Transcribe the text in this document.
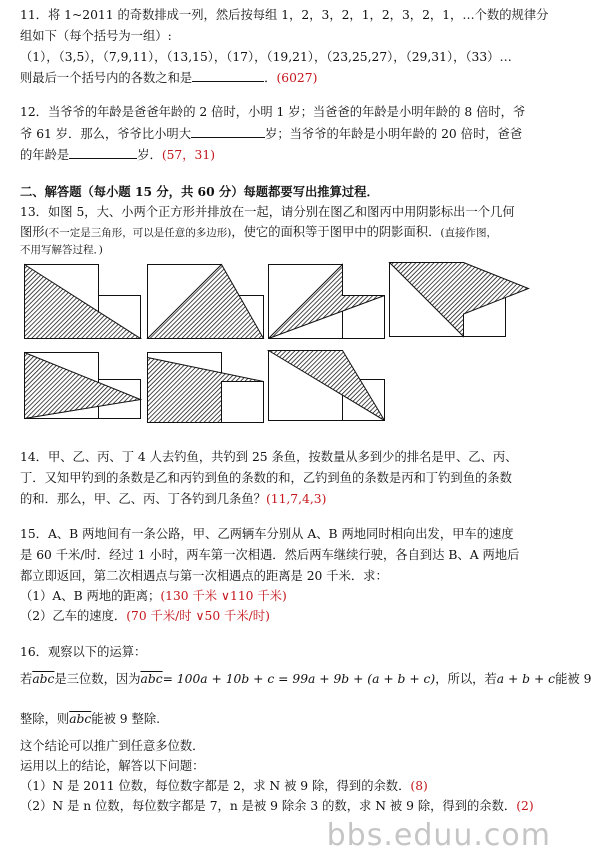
11．将 1~2011 的奇数排成一列，然后按每组 1，2，3，2，1，2，3，2，1，…个数的规律分
组如下（每个括号为一组）:
（1），（3,5），（7,9,11），（13,15），（17），（19,21），（23,25,27），（29,31），（33）…
则最后一个括号内的各数之和是	．(6027)
12．当爷爷的年龄是爸爸年龄的 2 倍时，小明 1 岁；当爸爸的年龄是小明年龄的 8 倍时，爷
爷 61 岁．那么，爷爷比小明大	岁；当爷爷的年龄是小明年龄的 20 倍时，爸爸
的年龄是	岁．(57，31)
二、解答题（每小题 15 分，共 60 分）每题都要写出推算过程．
13．如图 5，大、小两个正方形并排放在一起，请分别在图乙和图丙中用阴影标出一个几何
图形(不一定是三角形，可以是任意的多边形)，使它的面积等于图甲中的阴影面积．(直接作图，
不用写解答过程．)
14．甲、乙、丙、丁 4 人去钓鱼，共钓到 25 条鱼，按数量从多到少的排名是甲、乙、丙、
丁．又知甲钓到的条数是乙和丙钓到鱼的条数的和，乙钓到鱼的条数是丙和丁钓到鱼的条数
的和．那么，甲、乙、丙、丁各钓到几条鱼？(11,7,4,3)
15．A、B 两地间有一条公路，甲、乙两辆车分别从 A、B 两地同时相向出发，甲车的速度
是 60 千米/时．经过 1 小时，两车第一次相遇．然后两车继续行驶，各自到达 B、A 两地后
都立即返回，第二次相遇点与第一次相遇点的距离是 20 千米．求：
（1）A、B 两地的距离；(130 千米 ∨110 千米)
（2）乙车的速度．(70 千米/时 ∨50 千米/时)
16．观察以下的运算：
若$\overline{abc}$是三位数，因为$\overline{abc}= 100a + 10b + c = 99a + 9b + (a + b + c)$，所以，若a + b + c能被 9
整除，则$\overline{abc}$能被 9 整除.
这个结论可以推广到任意多位数．
运用以上的结论，解答以下问题：
（1）N 是 2011 位数，每位数字都是 2，求 N 被 9 除，得到的余数．(8)
（2）N 是 n 位数，每位数字都是 7，n 是被 9 除余 3 的数，求 N 被 9 除，得到的余数．(2)
bbs.eduu.com
